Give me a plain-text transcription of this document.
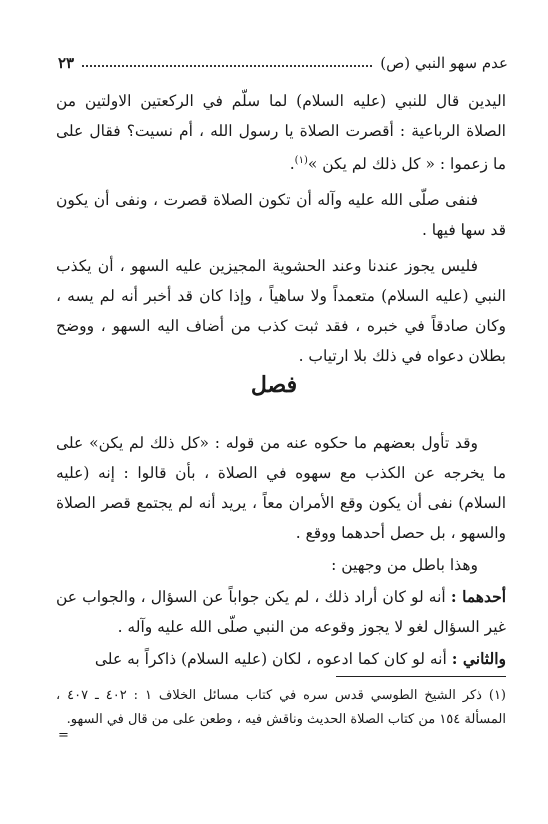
عدم سهو النبي (ص)
٢٣

اليدين قال للنبي (عليه السلام) لما سلّم في الركعتين الاولتين من الصلاة الرباعية : أقصرت الصلاة يا رسول الله ، أم نسيت؟ فقال على ما زعموا : « كل ذلك لم يكن »$^{(١)}$.

فنفى صلّى الله عليه وآله أن تكون الصلاة قصرت ، ونفى أن يكون قد سها فيها .

فليس يجوز عندنا وعند الحشوية المجيزين عليه السهو ، أن يكذب النبي (عليه السلام) متعمداً ولا ساهياً ، وإذا كان قد أخبر أنه لم يسه ، وكان صادقاً في خبره ، فقد ثبت كذب من أضاف اليه السهو ، ووضح بطلان دعواه في ذلك بلا ارتياب .

فصل

وقد تأول بعضهم ما حكوه عنه من قوله : «كل ذلك لم يكن» على ما يخرجه عن الكذب مع سهوه في الصلاة ، بأن قالوا : إنه (عليه السلام) نفى أن يكون وقع الأمران معاً ، يريد أنه لم يجتمع قصر الصلاة والسهو ، بل حصل أحدهما ووقع .

وهذا باطل من وجهين :

أحدهما : أنه لو كان أراد ذلك ، لم يكن جواباً عن السؤال ، والجواب عن غير السؤال لغو لا يجوز وقوعه من النبي صلّى الله عليه وآله .

والثاني : أنه لو كان كما ادعوه ، لكان (عليه السلام) ذاكراً به على

(١) ذكر الشيخ الطوسي قدس سره في كتاب مسائل الخلاف ١ : ٤٠٢ ـ ٤٠٧ ، المسألة ١٥٤ من كتاب الصلاة الحديث وناقش فيه ، وطعن على من قال في السهو.

=
